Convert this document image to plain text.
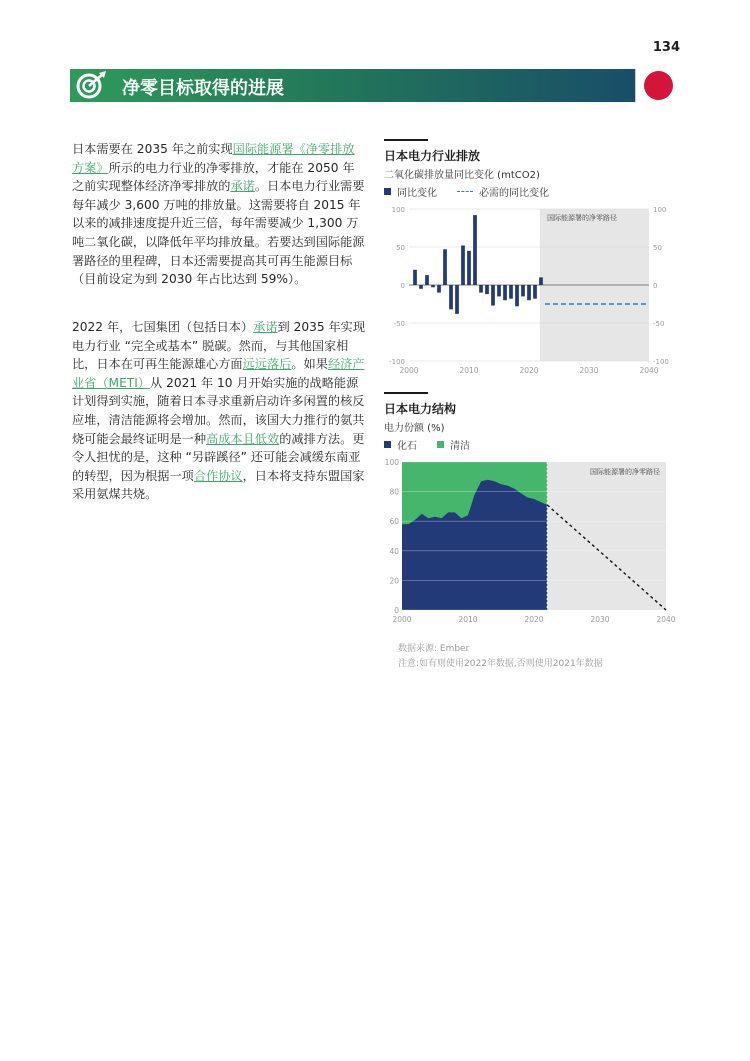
134
净零目标取得的进展
日本需要在 2035 年之前实现国际能源署《净零排放方案》所示的电力行业的净零排放，才能在 2050 年之前实现整体经济净零排放的承诺。日本电力行业需要每年减少 3,600 万吨的排放量。这需要将自 2015 年以来的减排速度提升近三倍，每年需要减少 1,300 万吨二氧化碳，以降低年平均排放量。若要达到国际能源署路径的里程碑，日本还需要提高其可再生能源目标（目前设定为到 2030 年占比达到 59%）。
2022 年，七国集团（包括日本）承诺到 2035 年实现电力行业 “完全或基本” 脱碳。然而，与其他国家相比，日本在可再生能源雄心方面远远落后。如果经济产业省（METI）从 2021 年 10 月开始实施的战略能源计划得到实施，随着日本寻求重新启动许多闲置的核反应堆，清洁能源将会增加。然而，该国大力推行的氨共烧可能会最终证明是一种高成本且低效的减排方法。更令人担忧的是，这种 “另辟蹊径” 还可能会减缓东南亚的转型，因为根据一项合作协议，日本将支持东盟国家采用氨煤共烧。
日本电力行业排放
二氧化碳排放量同比变化 (mtCO2)
同比变化	必需的同比变化
国际能源署的净零路径
100	100
50	50
0	0
-50	-50
-100	-100
2000	2010	2020	2030	2040
日本电力结构
电力份额 (%)
化石	清洁
国际能源署的净零路径
100
80
60
40
20
0
2000	2010	2020	2030	2040
数据来源: Ember
注意:如有则使用2022年数据,否则使用2021年数据
